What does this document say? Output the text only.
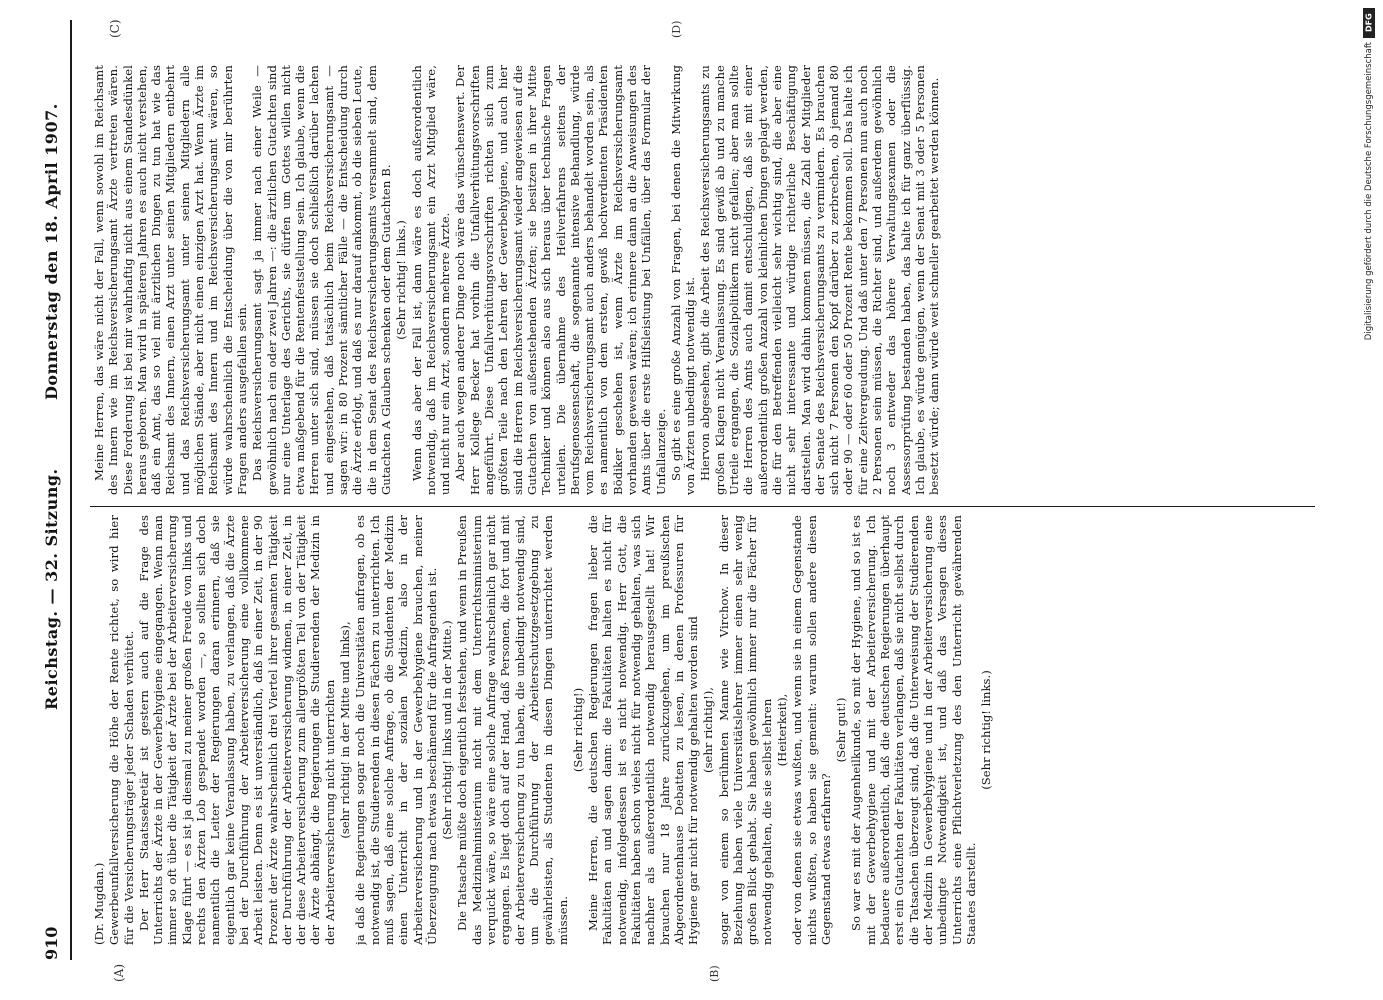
910
Reichstag. — 32. Sitzung.
Donnerstag den 18. April 1907.
(A)	(B)
(C)	(D)

(Dr. Mugdan.) Gewerbeunfallversicherung die Höhe der Rente richtet, so wird hier für die Versicherungsträger jeder Schaden verhütet. Der Herr Staatssekretär ist gestern auch auf die Frage des Unterrichts der Ärzte in der Gewerbehygiene eingegangen. Wenn man immer so oft über die Tätigkeit der Ärzte bei der Arbeiterversicherung Klage führt — es ist ja diesmal zu meiner großen Freude von links und rechts den Ärzten Lob gespendet worden —, so sollten sich doch namentlich die Leiter der Regierungen daran erinnern, daß sie eigentlich gar keine Veranlassung haben, zu verlangen, daß die Ärzte bei der Durchführung der Arbeiterversicherung eine vollkommene Arbeit leisten. Denn es ist unverständlich, daß in einer Zeit, in der 90 Prozent der Ärzte wahrscheinlich drei Viertel ihrer gesamten Tätigkeit der Durchführung der Arbeiterversicherung widmen, in einer Zeit, in der diese Arbeiterversicherung zum allergrößten Teil von der Tätigkeit der Ärzte abhängt, die Regierungen die Studierenden der Medizin in der Arbeiterversicherung nicht unterrichten (sehr richtig! in der Mitte und links), ja daß die Regierungen sogar noch die Universitäten anfragen, ob es notwendig ist, die Studierenden in diesen Fächern zu unterrichten. Ich muß sagen, daß eine solche Anfrage, ob die Studenten der Medizin einen Unterricht in der sozialen Medizin, also in der Arbeiterversicherung und in der Gewerbehygiene brauchen, meiner Überzeugung nach etwas beschämend für die Anfragenden ist. (Sehr richtig! links und in der Mitte.) Die Tatsache müßte doch eigentlich feststehen, und wenn in Preußen das Medizinalministerium nicht mit dem Unterrichtsministerium verquickt wäre, so wäre eine solche Anfrage wahrscheinlich gar nicht ergangen. Es liegt doch auf der Hand, daß Personen, die fort und mit der Arbeiterversicherung zu tun haben, die unbedingt notwendig sind, um die Durchführung der Arbeiterschutzgesetzgebung zu gewährleisten, als Studenten in diesen Dingen unterrichtet werden müssen.

(Sehr richtig!) Meine Herren, die deutschen Regierungen fragen lieber die Fakultäten an und sagen dann: die Fakultäten halten es nicht für notwendig, infolgedessen ist es nicht notwendig. Herr Gott, die Fakultäten haben schon vieles nicht für notwendig gehalten, was sich nachher als außerordentlich notwendig herausgestellt hat! Wir brauchen nur 18 Jahre zurückzugehen, um im preußischen Abgeordnetenhause Debatten zu lesen, in denen Professuren für Hygiene gar nicht für notwendig gehalten worden sind (sehr richtig!), sogar von einem so berühmten Manne wie Virchow. In dieser Beziehung haben viele Universitätslehrer immer einen sehr wenig großen Blick gehabt. Sie haben gewöhnlich immer nur die Fächer für notwendig gehalten, die sie selbst lehren (Heiterkeit), oder von denen sie etwas wußten, und wenn sie in einem Gegenstande nichts wußten, so haben sie gemeint: warum sollen andere diesen Gegenstand etwas erfahren?

(Sehr gut!) So war es mit der Augenheilkunde, so mit der Hygiene, und so ist es mit der Gewerbehygiene und mit der Arbeiterversicherung. Ich bedauere außerordentlich, daß die deutschen Regierungen überhaupt erst ein Gutachten der Fakultäten verlangen, daß sie nicht selbst durch die Tatsachen überzeugt sind, daß die Unterweisung der Studierenden der Medizin in Gewerbehygiene und in der Arbeiterversicherung eine unbedingte Notwendigkeit ist, und daß das Versagen dieses Unterrichts eine Pflichtverletzung des den Unterricht gewährenden Staates darstellt.

(Sehr richtig! links.)

Meine Herren, das wäre nicht der Fall, wenn sowohl im Reichsamt des Innern wie im Reichsversicherungsamt Ärzte vertreten wären. Diese Forderung ist bei mir wahrhaftig nicht aus einem Standesdünkel heraus geboren. Man wird in späteren Jahren es auch nicht verstehen, daß ein Amt, das so viel mit ärztlichen Dingen zu tun hat wie das Reichsamt des Innern, einen Arzt unter seinen Mitgliedern entbehrt und das Reichsversicherungsamt unter seinen Mitgliedern alle möglichen Stände, aber nicht einen einzigen Arzt hat. Wenn Ärzte im Reichsamt des Innern und im Reichsversicherungsamt wären, so würde wahrscheinlich die Entscheidung über die von mir berührten Fragen anders ausgefallen sein. Das Reichsversicherungsamt sagt ja immer nach einer Weile — gewöhnlich nach ein oder zwei Jahren —: die ärztlichen Gutachten sind nur eine Unterlage des Gerichts, sie dürfen um Gottes willen nicht etwa maßgebend für die Rentenfeststellung sein. Ich glaube, wenn die Herren unter sich sind, müssen sie doch schließlich darüber lachen und eingestehen, daß tatsächlich beim Reichsversicherungsamt — sagen wir: in 80 Prozent sämtlicher Fälle — die Entscheidung durch die Ärzte erfolgt, und daß es nur darauf ankommt, ob die sieben Leute, die in dem Senat des Reichsversicherungsamts versammelt sind, dem Gutachten A Glauben schenken oder dem Gutachten B. (Sehr richtig! links.) Wenn das aber der Fall ist, dann wäre es doch außerordentlich notwendig, daß im Reichsversicherungsamt ein Arzt Mitglied wäre, und nicht nur ein Arzt, sondern mehrere Ärzte. Aber auch wegen anderer Dinge noch wäre das wünschenswert. Der Herr Kollege Becker hat vorhin die Unfallverhütungsvorschriften angeführt. Diese Unfallverhütungsvorschriften richten sich zum größten Teile nach den Lehren der Gewerbehygiene, und auch hier sind die Herren im Reichsversicherungsamt wieder angewiesen auf die Gutachten von außenstehenden Ärzten; sie besitzen in ihrer Mitte Techniker und können also aus sich heraus über technische Fragen urteilen. Die übernahme des Heilverfahrens seitens der Berufsgenossenschaft, die sogenannte intensive Behandlung, würde vom Reichsversicherungsamt auch anders behandelt worden sein, als es namentlich von dem ersten, gewiß hochverdienten Präsidenten Bödiker geschehen ist, wenn Ärzte im Reichsversicherungsamt vorhanden gewesen wären; ich erinnere dann an die Anweisungen des Amts über die erste Hilfsleistung bei Unfällen, über das Formular der Unfallanzeige. So gibt es eine große Anzahl von Fragen, bei denen die Mitwirkung von Ärzten unbedingt notwendig ist. Hiervon abgesehen, gibt die Arbeit des Reichsversicherungsamts zu großen Klagen nicht Veranlassung. Es sind gewiß ab und zu manche Urteile ergangen, die Sozialpolitikern nicht gefallen; aber man sollte die Herren des Amts auch damit entschuldigen, daß sie mit einer außerordentlich großen Anzahl von kleinlichen Dingen geplagt werden, die für den Betreffenden vielleicht sehr wichtig sind, die aber eine nicht sehr interessante und würdige richterliche Beschäftigung darstellen. Man wird dahin kommen müssen, die Zahl der Mitglieder der Senate des Reichsversicherungsamts zu vermindern. Es brauchen sich nicht 7 Personen den Kopf darüber zu zerbrechen, ob jemand 80 oder 90 — oder 60 oder 50 Prozent Rente bekommen soll. Das halte ich für eine Zeitvergeudung. Und daß unter den 7 Personen nun auch noch 2 Personen sein müssen, die Richter sind, und außerdem gewöhnlich noch 3 entweder das höhere Verwaltungsexamen oder die Assessorprüfung bestanden haben, das halte ich für ganz überflüssig. Ich glaube, es würde genügen, wenn der Senat mit 3 oder 5 Personen besetzt würde; dann würde weit schneller gearbeitet werden können.

DFG
Digitalisierung gefördert durch die Deutsche Forschungsgemeinschaft
